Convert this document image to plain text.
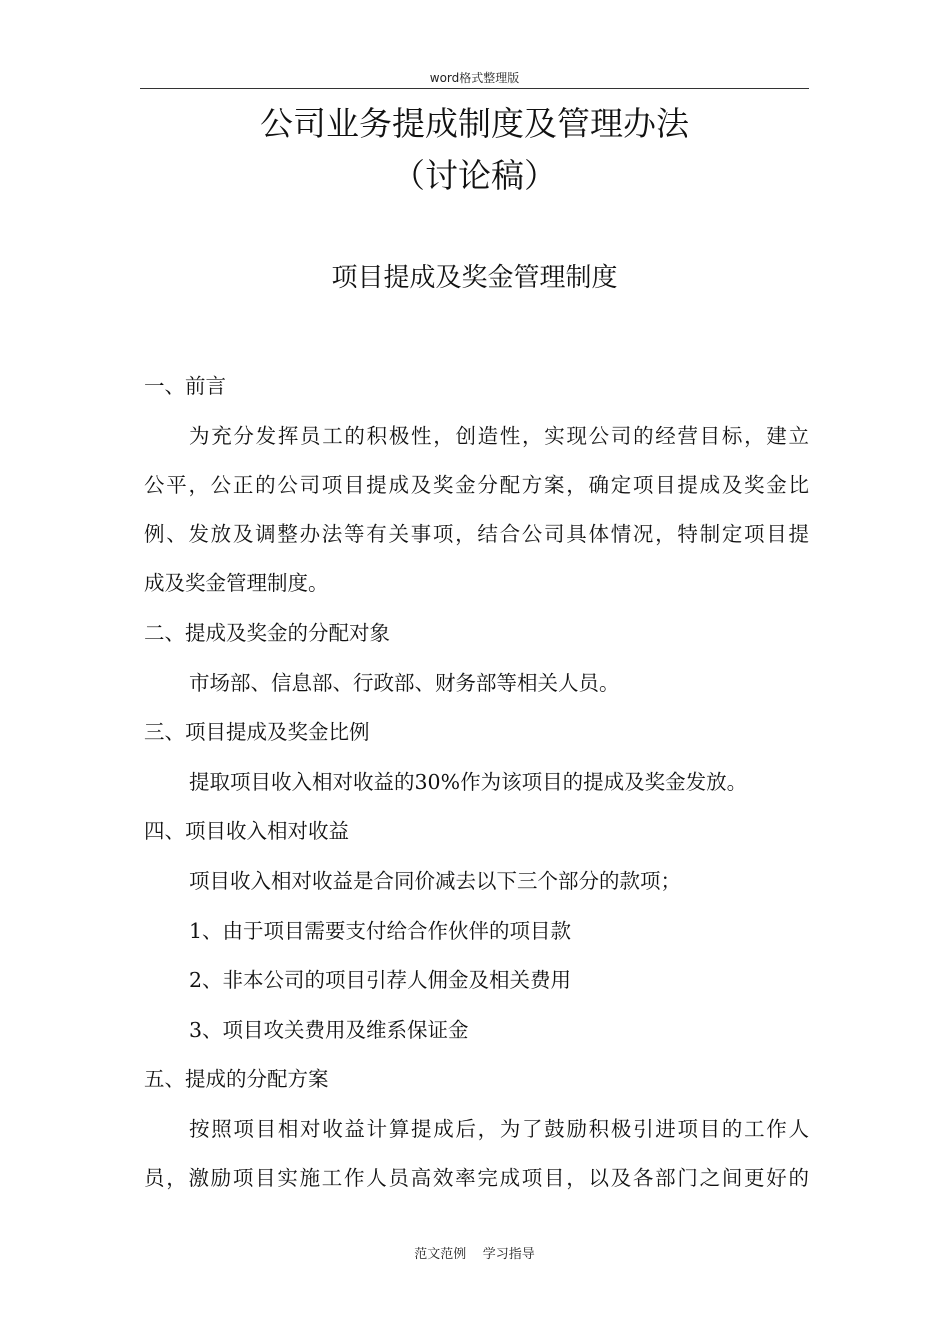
word格式整理版
公司业务提成制度及管理办法
（讨论稿）
项目提成及奖金管理制度

一、前言

为充分发挥员工的积极性，创造性，实现公司的经营目标，建立

公平，公正的公司项目提成及奖金分配方案，确定项目提成及奖金比

例、发放及调整办法等有关事项，结合公司具体情况，特制定项目提

成及奖金管理制度。

二、提成及奖金的分配对象

市场部、信息部、行政部、财务部等相关人员。

三、项目提成及奖金比例

提取项目收入相对收益的30%作为该项目的提成及奖金发放。

四、项目收入相对收益

项目收入相对收益是合同价减去以下三个部分的款项；

1、由于项目需要支付给合作伙伴的项目款

2、非本公司的项目引荐人佣金及相关费用

3、项目攻关费用及维系保证金

五、提成的分配方案

按照项目相对收益计算提成后，为了鼓励积极引进项目的工作人

员，激励项目实施工作人员高效率完成项目，以及各部门之间更好的

范文范例    学习指导
